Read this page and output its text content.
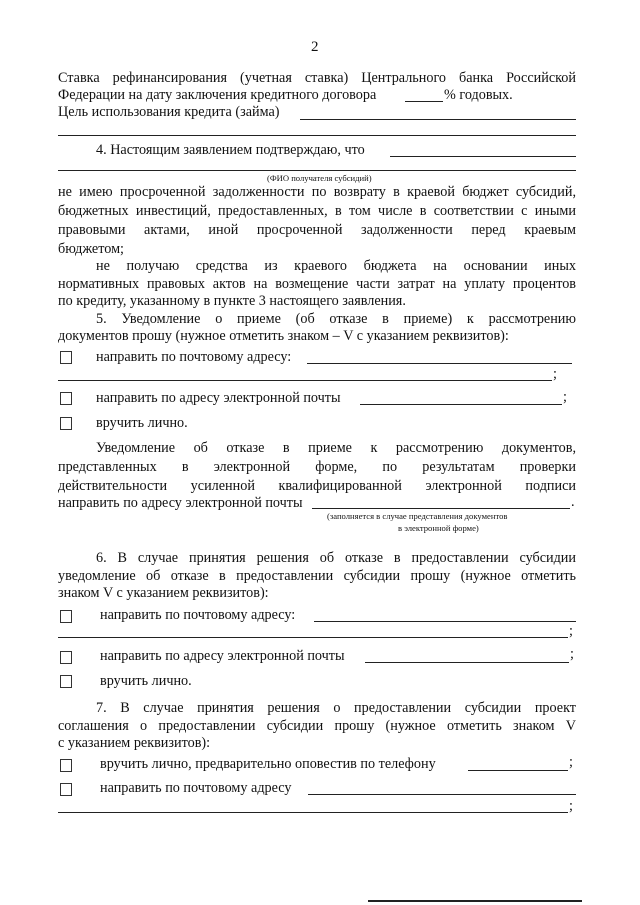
2
Ставка рефинансирования (учетная ставка) Центрального банка Российской
Федерации на дату заключения кредитного договора	% годовых.
Цель использования кредита (займа)
4. Настоящим заявлением подтверждаю, что
(ФИО получателя субсидий)
не имею просроченной задолженности по возврату в краевой бюджет субсидий,
бюджетных инвестиций, предоставленных, в том числе в соответствии с иными
правовыми актами, иной просроченной задолженности перед краевым
бюджетом;
не получаю средства из краевого бюджета на основании иных
нормативных правовых актов на возмещение части затрат на уплату процентов
по кредиту, указанному в пункте 3 настоящего заявления.
5. Уведомление о приеме (об отказе в приеме) к рассмотрению
документов прошу (нужное отметить знаком – V с указанием реквизитов):
направить по почтовому адресу:
;
направить по адресу электронной почты	;
вручить лично.
Уведомление об отказе в приеме к рассмотрению документов,
представленных в электронной форме, по результатам проверки
действительности усиленной квалифицированной электронной подписи
направить по адресу электронной почты	.
(заполняется в случае представления документов
в электронной форме)
6. В случае принятия решения об отказе в предоставлении субсидии
уведомление об отказе в предоставлении субсидии прошу (нужное отметить
знаком V с указанием реквизитов):
направить по почтовому адресу:
;
направить по адресу электронной почты	;
вручить лично.
7. В случае принятия решения о предоставлении субсидии проект
соглашения о предоставлении субсидии прошу (нужное отметить знаком V
с указанием реквизитов):
вручить лично, предварительно оповестив по телефону	;
направить по почтовому адресу
;
